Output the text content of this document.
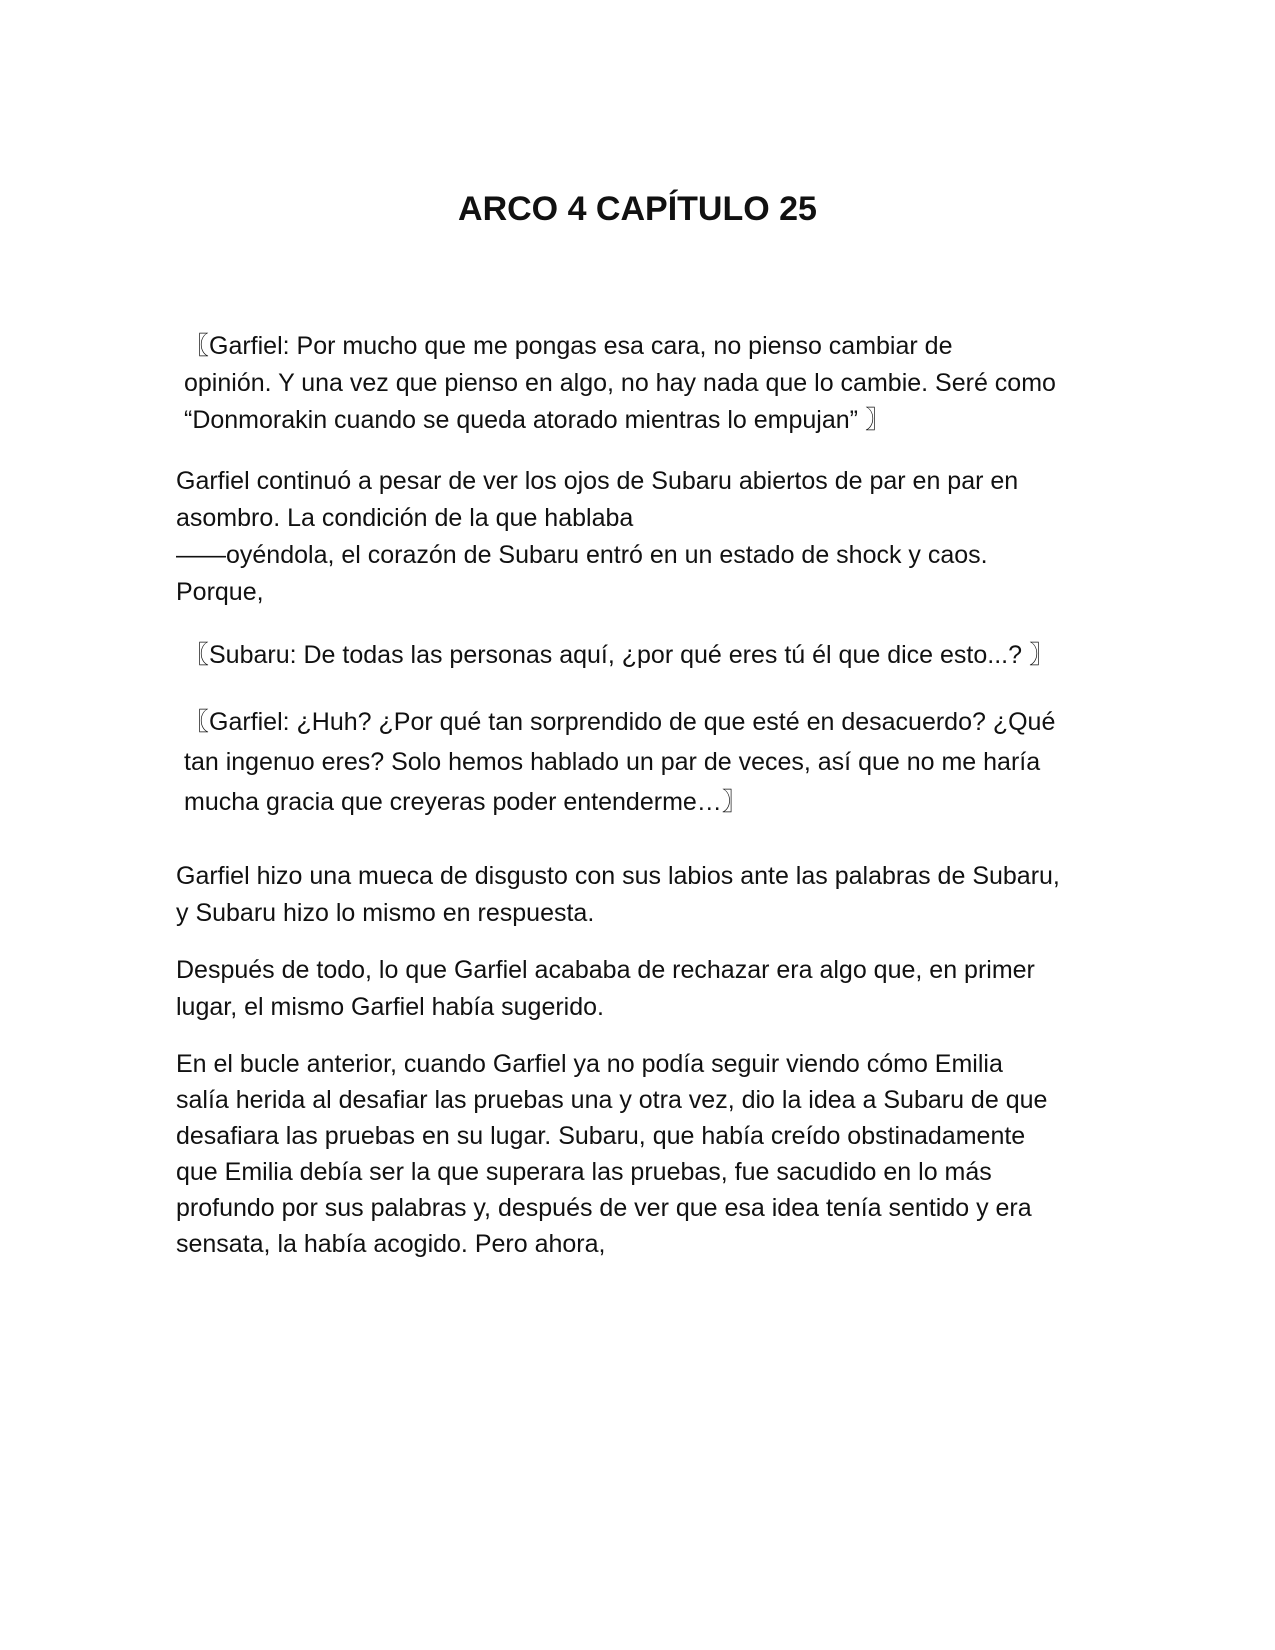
ARCO 4 CAPÍTULO 25

〖Garfiel: Por mucho que me pongas esa cara, no pienso cambiar de
opinión. Y una vez que pienso en algo, no hay nada que lo cambie. Seré como
“Donmorakin cuando se queda atorado mientras lo empujan” 〗

Garfiel continuó a pesar de ver los ojos de Subaru abiertos de par en par en
asombro. La condición de la que hablaba
——oyéndola, el corazón de Subaru entró en un estado de shock y caos.
Porque,

〖Subaru: De todas las personas aquí, ¿por qué eres tú él que dice esto...? 〗

〖Garfiel: ¿Huh? ¿Por qué tan sorprendido de que esté en desacuerdo? ¿Qué
tan ingenuo eres? Solo hemos hablado un par de veces, así que no me haría
mucha gracia que creyeras poder entenderme…〗

Garfiel hizo una mueca de disgusto con sus labios ante las palabras de Subaru,
y Subaru hizo lo mismo en respuesta.

Después de todo, lo que Garfiel acababa de rechazar era algo que, en primer
lugar, el mismo Garfiel había sugerido.

En el bucle anterior, cuando Garfiel ya no podía seguir viendo cómo Emilia
salía herida al desafiar las pruebas una y otra vez, dio la idea a Subaru de que
desafiara las pruebas en su lugar. Subaru, que había creído obstinadamente
que Emilia debía ser la que superara las pruebas, fue sacudido en lo más
profundo por sus palabras y, después de ver que esa idea tenía sentido y era
sensata, la había acogido. Pero ahora,
